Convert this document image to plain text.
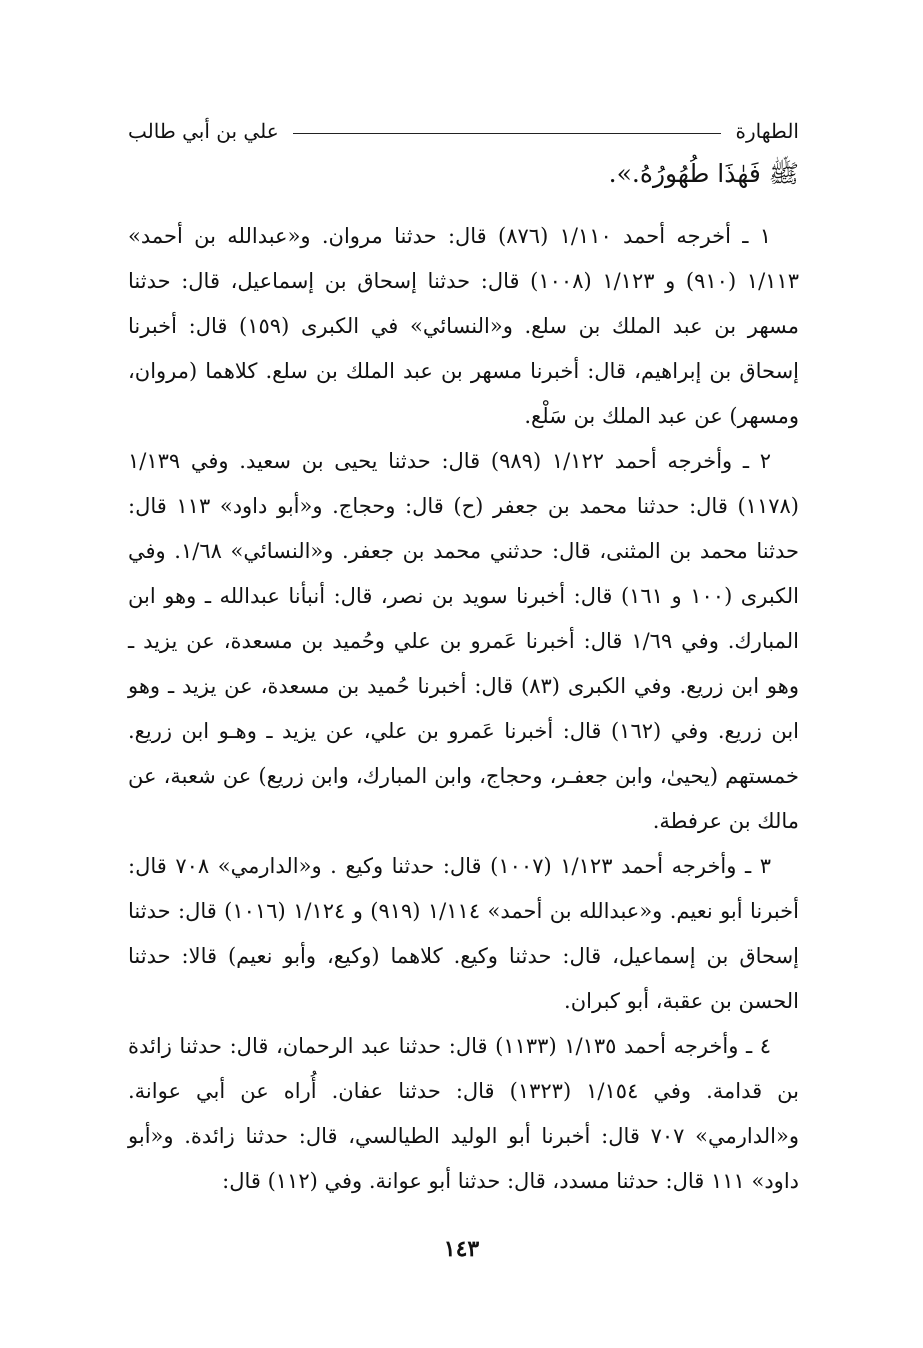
الطهارة
علي بن أبي طالب
ﷺ فَهٰذَا طُهُورُهُ.».

١ ـ أخرجه أحمد ١/١١٠ (٨٧٦) قال: حدثنا مروان. و«عبدالله بن أحمد» ١/١١٣ (٩١٠) و ١/١٢٣ (١٠٠٨) قال: حدثنا إسحاق بن إسماعيل، قال: حدثنا مسهر بن عبد الملك بن سلع. و«النسائي» في الكبرى (١٥٩) قال: أخبرنا إسحاق بن إبراهيم، قال: أخبرنا مسهر بن عبد الملك بن سلع. كلاهما (مروان، ومسهر) عن عبد الملك بن سَلْع.

٢ ـ وأخرجه أحمد ١/١٢٢ (٩٨٩) قال: حدثنا يحيى بن سعيد. وفي ١/١٣٩ (١١٧٨) قال: حدثنا محمد بن جعفر (ح) قال: وحجاج. و«أبو داود» ١١٣ قال: حدثنا محمد بن المثنى، قال: حدثني محمد بن جعفر. و«النسائي» ١/٦٨. وفي الكبرى (١٠٠ و ١٦١) قال: أخبرنا سويد بن نصر، قال: أنبأنا عبدالله ـ وهو ابن المبارك. وفي ١/٦٩ قال: أخبرنا عَمرو بن علي وحُميد بن مسعدة، عن يزيد ـ وهو ابن زريع. وفي الكبرى (٨٣) قال: أخبرنا حُميد بن مسعدة، عن يزيد ـ وهو ابن زريع. وفي (١٦٢) قال: أخبرنا عَمرو بن علي، عن يزيد ـ وهـو ابن زريع. خمستهم (يحيىٰ، وابن جعفـر، وحجاج، وابن المبارك، وابن زريع) عن شعبة، عن مالك بن عرفطة.

٣ ـ وأخرجه أحمد ١/١٢٣ (١٠٠٧) قال: حدثنا وكيع . و«الدارمي» ٧٠٨ قال: أخبرنا أبو نعيم. و«عبدالله بن أحمد» ١/١١٤ (٩١٩) و ١/١٢٤ (١٠١٦) قال: حدثنا إسحاق بن إسماعيل، قال: حدثنا وكيع. كلاهما (وكيع، وأبو نعيم) قالا: حدثنا الحسن بن عقبة، أبو كبران.

٤ ـ وأخرجه أحمد ١/١٣٥ (١١٣٣) قال: حدثنا عبد الرحمان، قال: حدثنا زائدة بن قدامة. وفي ١/١٥٤ (١٣٢٣) قال: حدثنا عفان. أُراه عن أبي عوانة. و«الدارمي» ٧٠٧ قال: أخبرنا أبو الوليد الطيالسي، قال: حدثنا زائدة. و«أبو داود» ١١١ قال: حدثنا مسدد، قال: حدثنا أبو عوانة. وفي (١١٢) قال:

١٤٣
